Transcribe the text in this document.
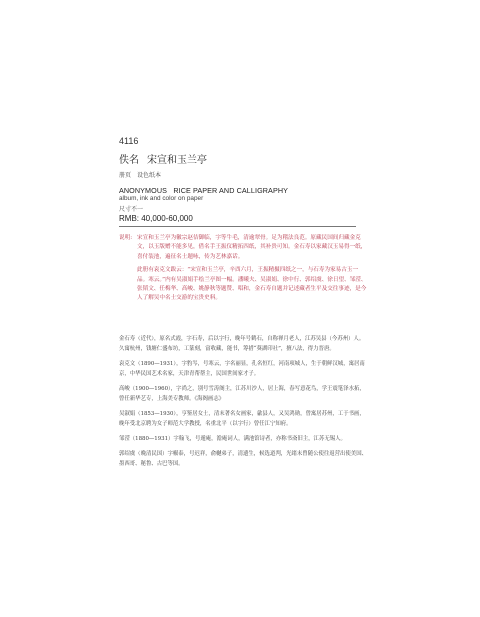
4116
佚名 宋宣和玉兰亭
册页 设色纸本
ANONYMOUS RICE PAPER AND CALLIGRAPHY
album, ink and color on paper
尺寸不一
RMB: 40,000-60,000
说明: 宋宣和玉兰亭为徽宗赵佶御临，字等牛毛，清逾翠骨。足为稽法良范。原藏民国间归藏金克文，以玉版赠不能多见，借名手王振仪精拓四纸，其补贵可知。金石寿以家藏汉玉易得一纸，喜付装池，遍征名士题咏，传为艺林嘉话。

此册有袁克文跋云：“宋宣和玉兰亭，辛酉六月，王振精摄四纸之一，与石寿为家易古玉一品。寒云。”内有吴淑娟手绘兰亭图一幅。潘曦夫、吴淑娟、徐中行、郭绍虞、徐日望、邹滢、张韬文、任梅华、高峻、姚静秋等题赞、唱和，金石寿自题并记述藏者生平及交往事迹，是今人了解吴中名士交游的宝贵史料。

金石寿（近代），原名式霞，字石寿，后以字行，晚年号鹤石，自称禅月老人，江苏吴县（今苏州）人。久寓杭州，钱塘仁盛布坊，工篆刻，富收藏，能书，筹措“葵湖印社”，擅八法，得力晋唐。

袁克文（1890—1931），字豹岑，号寒云，字名丽显，孔名恒红，河南项城人，生于朝鲜汉城，寓居南京，中华民国艺术名家，天津青帮帮主，民国世间家才子。

高峻（1900—1960），字尚之，别号雪涛阁主，江苏川沙人，居上海，春写意花鸟，学王震笔泽水拓，曾任新华艺专，上海美专教师。《海阁画志》

吴淑娟（1853—1930），亨鉴居女士，清末著名女画家，歙县人，又吴鸿勋，曾寓居苏州，工于书画，晚年受北京聘为女子师范大学教授，名重北平（以字行）曾任江宁知府。

邹滢（1880—1931）字翰飞，号遁庵，澹庵词人，满池馆诗者，亦称书斋旧主，江苏无锡人。

郭绍虞（晚清民国）字椒泰，号迟祥，俞樾弟子，清遗生，候选道判，光绪末曾随公使往返营出使美国、墨西哥、秘鲁、古巴等国。
